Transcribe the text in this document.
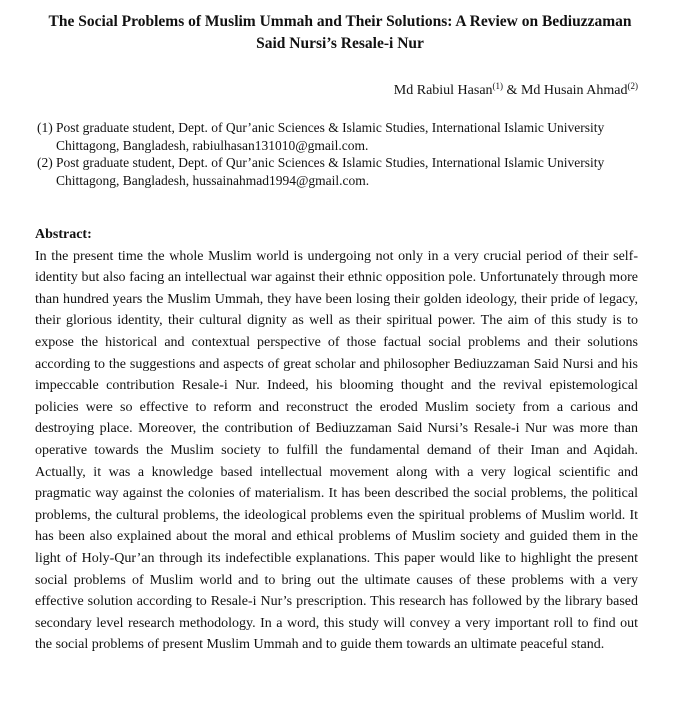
The Social Problems of Muslim Ummah and Their Solutions: A Review on Bediuzzaman
Said Nursi’s Resale-i Nur
Md Rabiul Hasan$^{(1)}$ & Md Husain Ahmad$^{(2)}$
(1) Post graduate student, Dept. of Qur’anic Sciences & Islamic Studies, International Islamic University Chittagong, Bangladesh, rabiulhasan131010@gmail.com.
(2) Post graduate student, Dept. of Qur’anic Sciences & Islamic Studies, International Islamic University Chittagong, Bangladesh, hussainahmad1994@gmail.com.
Abstract:
In the present time the whole Muslim world is undergoing not only in a very crucial period of their self-identity but also facing an intellectual war against their ethnic opposition pole. Unfortunately through more than hundred years the Muslim Ummah, they have been losing their golden ideology, their pride of legacy, their glorious identity, their cultural dignity as well as their spiritual power. The aim of this study is to expose the historical and contextual perspective of those factual social problems and their solutions according to the suggestions and aspects of great scholar and philosopher Bediuzzaman Said Nursi and his impeccable contribution Resale-i Nur. Indeed, his blooming thought and the revival epistemological policies were so effective to reform and reconstruct the eroded Muslim society from a carious and destroying place. Moreover, the contribution of Bediuzzaman Said Nursi’s Resale-i Nur was more than operative towards the Muslim society to fulfill the fundamental demand of their Iman and Aqidah. Actually, it was a knowledge based intellectual movement along with a very logical scientific and pragmatic way against the colonies of materialism. It has been described the social problems, the political problems, the cultural problems, the ideological problems even the spiritual problems of Muslim world. It has been also explained about the moral and ethical problems of Muslim society and guided them in the light of Holy-Qur’an through its indefectible explanations. This paper would like to highlight the present social problems of Muslim world and to bring out the ultimate causes of these problems with a very effective solution according to Resale-i Nur’s prescription. This research has followed by the library based secondary level research methodology. In a word, this study will convey a very important roll to find out the social problems of present Muslim Ummah and to guide them towards an ultimate peaceful stand.
